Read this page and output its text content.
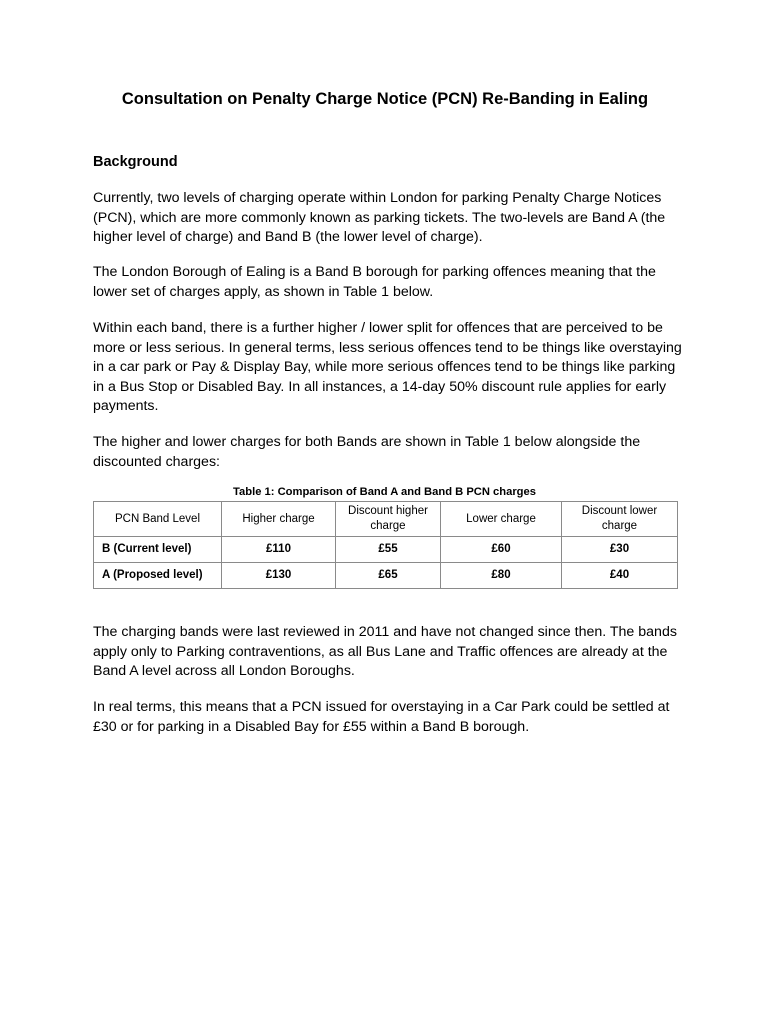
Consultation on Penalty Charge Notice (PCN) Re-Banding in Ealing
Background

Currently, two levels of charging operate within London for parking Penalty Charge Notices (PCN), which are more commonly known as parking tickets. The two-levels are Band A (the higher level of charge) and Band B (the lower level of charge).

The London Borough of Ealing is a Band B borough for parking offences meaning that the lower set of charges apply, as shown in Table 1 below.

Within each band, there is a further higher / lower split for offences that are perceived to be more or less serious. In general terms, less serious offences tend to be things like overstaying in a car park or Pay & Display Bay, while more serious offences tend to be things like parking in a Bus Stop or Disabled Bay. In all instances, a 14-day 50% discount rule applies for early payments.

The higher and lower charges for both Bands are shown in Table 1 below alongside the discounted charges:

Table 1: Comparison of Band A and Band B PCN charges
PCN Band Level	Higher charge	Discount higher charge	Lower charge	Discount lower charge
B (Current level)	£110	£55	£60	£30
A (Proposed level)	£130	£65	£80	£40

The charging bands were last reviewed in 2011 and have not changed since then. The bands apply only to Parking contraventions, as all Bus Lane and Traffic offences are already at the Band A level across all London Boroughs.

In real terms, this means that a PCN issued for overstaying in a Car Park could be settled at £30 or for parking in a Disabled Bay for £55 within a Band B borough.
